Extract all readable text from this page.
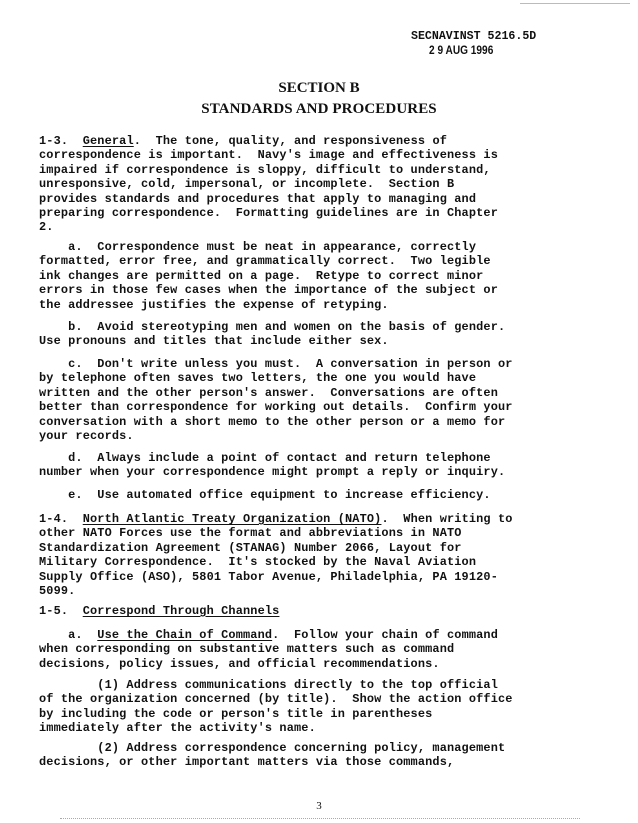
SECNAVINST 5216.5D
2 9 AUG 1996
SECTION B
STANDARDS AND PROCEDURES
1-3. General.  The tone, quality, and responsiveness of
correspondence is important.  Navy's image and effectiveness is
impaired if correspondence is sloppy, difficult to understand,
unresponsive, cold, impersonal, or incomplete.  Section B
provides standards and procedures that apply to managing and
preparing correspondence.  Formatting guidelines are in Chapter
2.
a.  Correspondence must be neat in appearance, correctly
formatted, error free, and grammatically correct.  Two legible
ink changes are permitted on a page.  Retype to correct minor
errors in those few cases when the importance of the subject or
the addressee justifies the expense of retyping.
b.  Avoid stereotyping men and women on the basis of gender.
Use pronouns and titles that include either sex.
c.  Don't write unless you must.  A conversation in person or
by telephone often saves two letters, the one you would have
written and the other person's answer.  Conversations are often
better than correspondence for working out details.  Confirm your
conversation with a short memo to the other person or a memo for
your records.
d.  Always include a point of contact and return telephone
number when your correspondence might prompt a reply or inquiry.
e.  Use automated office equipment to increase efficiency.
1-4.  North Atlantic Treaty Organization (NATO).  When writing to
other NATO Forces use the format and abbreviations in NATO
Standardization Agreement (STANAG) Number 2066, Layout for
Military Correspondence.  It's stocked by the Naval Aviation
Supply Office (ASO), 5801 Tabor Avenue, Philadelphia, PA 19120-
5099.
1-5.  Correspond Through Channels
a.  Use the Chain of Command.  Follow your chain of command
when corresponding on substantive matters such as command
decisions, policy issues, and official recommendations.
(1) Address communications directly to the top official
of the organization concerned (by title).  Show the action office
by including the code or person's title in parentheses
immediately after the activity's name.
(2) Address correspondence concerning policy, management
decisions, or other important matters via those commands,
3
